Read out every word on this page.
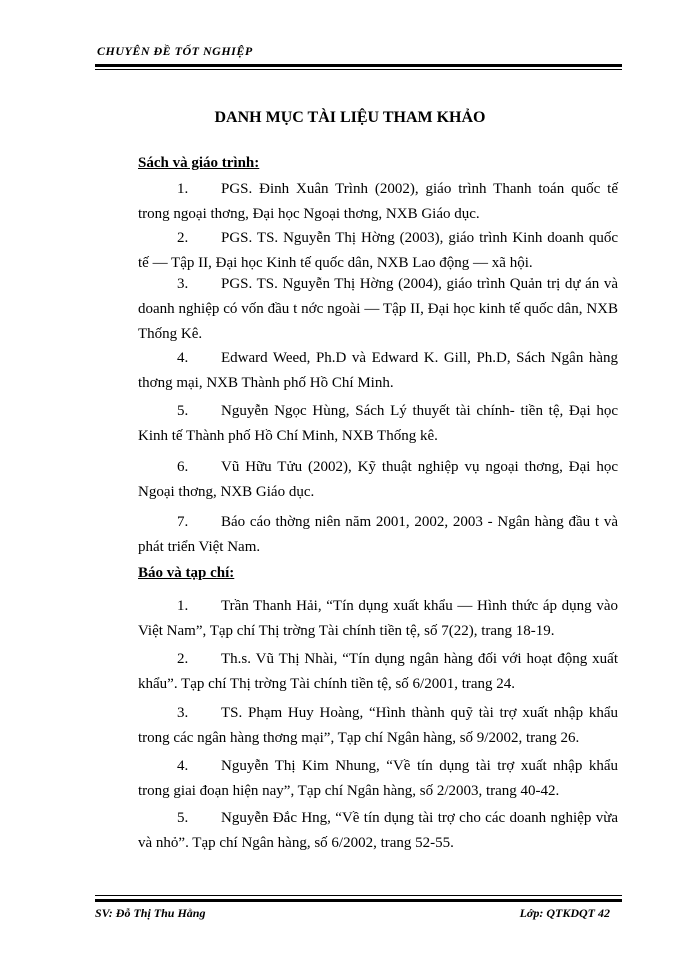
CHUYÊN ĐỀ TỐT NGHIỆP
DANH MỤC TÀI LIỆU THAM KHẢO
Sách và giáo trình:
1. PGS. Đinh Xuân Trình (2002), giáo trình Thanh toán quốc tế trong ngoại thơng, Đại học Ngoại thơng, NXB Giáo dục.
2. PGS. TS. Nguyễn Thị Hờng (2003), giáo trình Kinh doanh quốc tế — Tập II, Đại học Kinh tế quốc dân, NXB Lao động — xã hội.
3. PGS. TS. Nguyễn Thị Hờng (2004), giáo trình Quản trị dự án và doanh nghiệp có vốn đầu t nớc ngoài — Tập II, Đại học kinh tế quốc dân, NXB Thống Kê.
4. Edward Weed, Ph.D và Edward K. Gill, Ph.D, Sách Ngân hàng thơng mại, NXB Thành phố Hồ Chí Minh.
5. Nguyễn Ngọc Hùng, Sách Lý thuyết tài chính- tiền tệ, Đại học Kinh tế Thành phố Hồ Chí Minh, NXB Thống kê.
6. Vũ Hữu Tửu (2002), Kỹ thuật nghiệp vụ ngoại thơng, Đại học Ngoại thơng, NXB Giáo dục.
7. Báo cáo thờng niên năm 2001, 2002, 2003 - Ngân hàng đầu t và phát triển Việt Nam.
Báo và tạp chí:
1. Trần Thanh Hải, “Tín dụng xuất khẩu — Hình thức áp dụng vào Việt Nam”, Tạp chí Thị trờng Tài chính tiền tệ, số 7(22), trang 18-19.
2. Th.s. Vũ Thị Nhài, “Tín dụng ngân hàng đối với hoạt động xuất khẩu”. Tạp chí Thị trờng Tài chính tiền tệ, số 6/2001, trang 24.
3. TS. Phạm Huy Hoàng, “Hình thành quỹ tài trợ xuất nhập khẩu trong các ngân hàng thơng mại”, Tạp chí Ngân hàng, số 9/2002, trang 26.
4. Nguyễn Thị Kim Nhung, “Về tín dụng tài trợ xuất nhập khẩu trong giai đoạn hiện nay”, Tạp chí Ngân hàng, số 2/2003, trang 40-42.
5. Nguyễn Đắc Hng, “Về tín dụng tài trợ cho các doanh nghiệp vừa và nhỏ”. Tạp chí Ngân hàng, số 6/2002, trang 52-55.
SV: Đỗ Thị Thu Hằng	Lớp: QTKDQT 42
